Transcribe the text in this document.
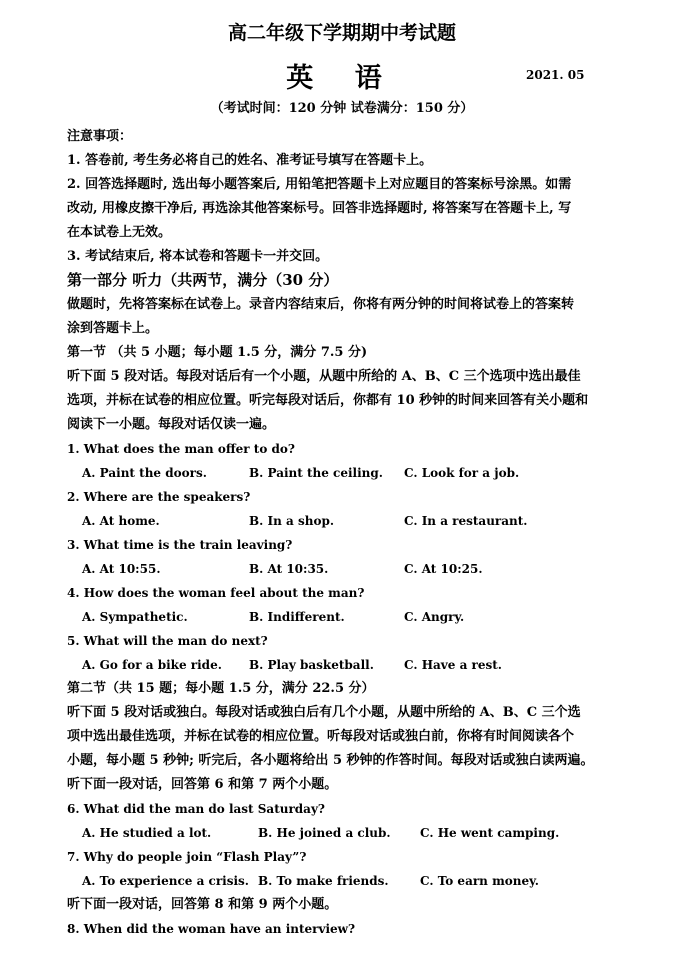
高二年级下学期期中考试题
英 语	2021. 05
（考试时间：120 分钟 试卷满分：150 分）
注意事项：
1. 答卷前, 考生务必将自己的姓名、准考证号填写在答题卡上。
2. 回答选择题时, 选出每小题答案后, 用铅笔把答题卡上对应题目的答案标号涂黑。如需
改动, 用橡皮擦干净后, 再选涂其他答案标号。回答非选择题时, 将答案写在答题卡上, 写
在本试卷上无效。
3. 考试结束后, 将本试卷和答题卡一并交回。
第一部分 听力（共两节，满分（30 分）
做题时，先将答案标在试卷上。录音内容结束后，你将有两分钟的时间将试卷上的答案转
涂到答题卡上。
第一节 （共 5 小题；每小题 1.5 分，满分 7.5 分)
听下面 5 段对话。每段对话后有一个小题，从题中所给的 A、B、C 三个选项中选出最佳
选项，并标在试卷的相应位置。听完每段对话后，你都有 10 秒钟的时间来回答有关小题和
阅读下一小题。每段对话仅读一遍。
1. What does the man offer to do?
A. Paint the doors.	B. Paint the ceiling. C. Look for a job.
2. Where are the speakers?
A. At home.	B. In a shop.	C. In a restaurant.
3. What time is the train leaving?
A. At 10:55.	B. At 10:35.	C. At 10:25.
4. How does the woman feel about the man?
A. Sympathetic.	B. Indifferent.	C. Angry.
5. What will the man do next?
A. Go for a bike ride. B. Play basketball.	C. Have a rest.
第二节（共 15 题；每小题 1.5 分，满分 22.5 分）
听下面 5 段对话或独白。每段对话或独白后有几个小题，从题中所给的 A、B、C 三个选
项中选出最佳选项，并标在试卷的相应位置。听每段对话或独白前，你将有时间阅读各个
小题，每小题 5 秒钟; 听完后，各小题将给出 5 秒钟的作答时间。每段对话或独白读两遍。
听下面一段对话，回答第 6 和第 7 两个小题。
6. What did the man do last Saturday?
A. He studied a lot.	B. He joined a club. C. He went camping.
7. Why do people join “Flash Play”?
A. To experience a crisis. B. To make friends.	C. To earn money.
听下面一段对话，回答第 8 和第 9 两个小题。
8. When did the woman have an interview?
